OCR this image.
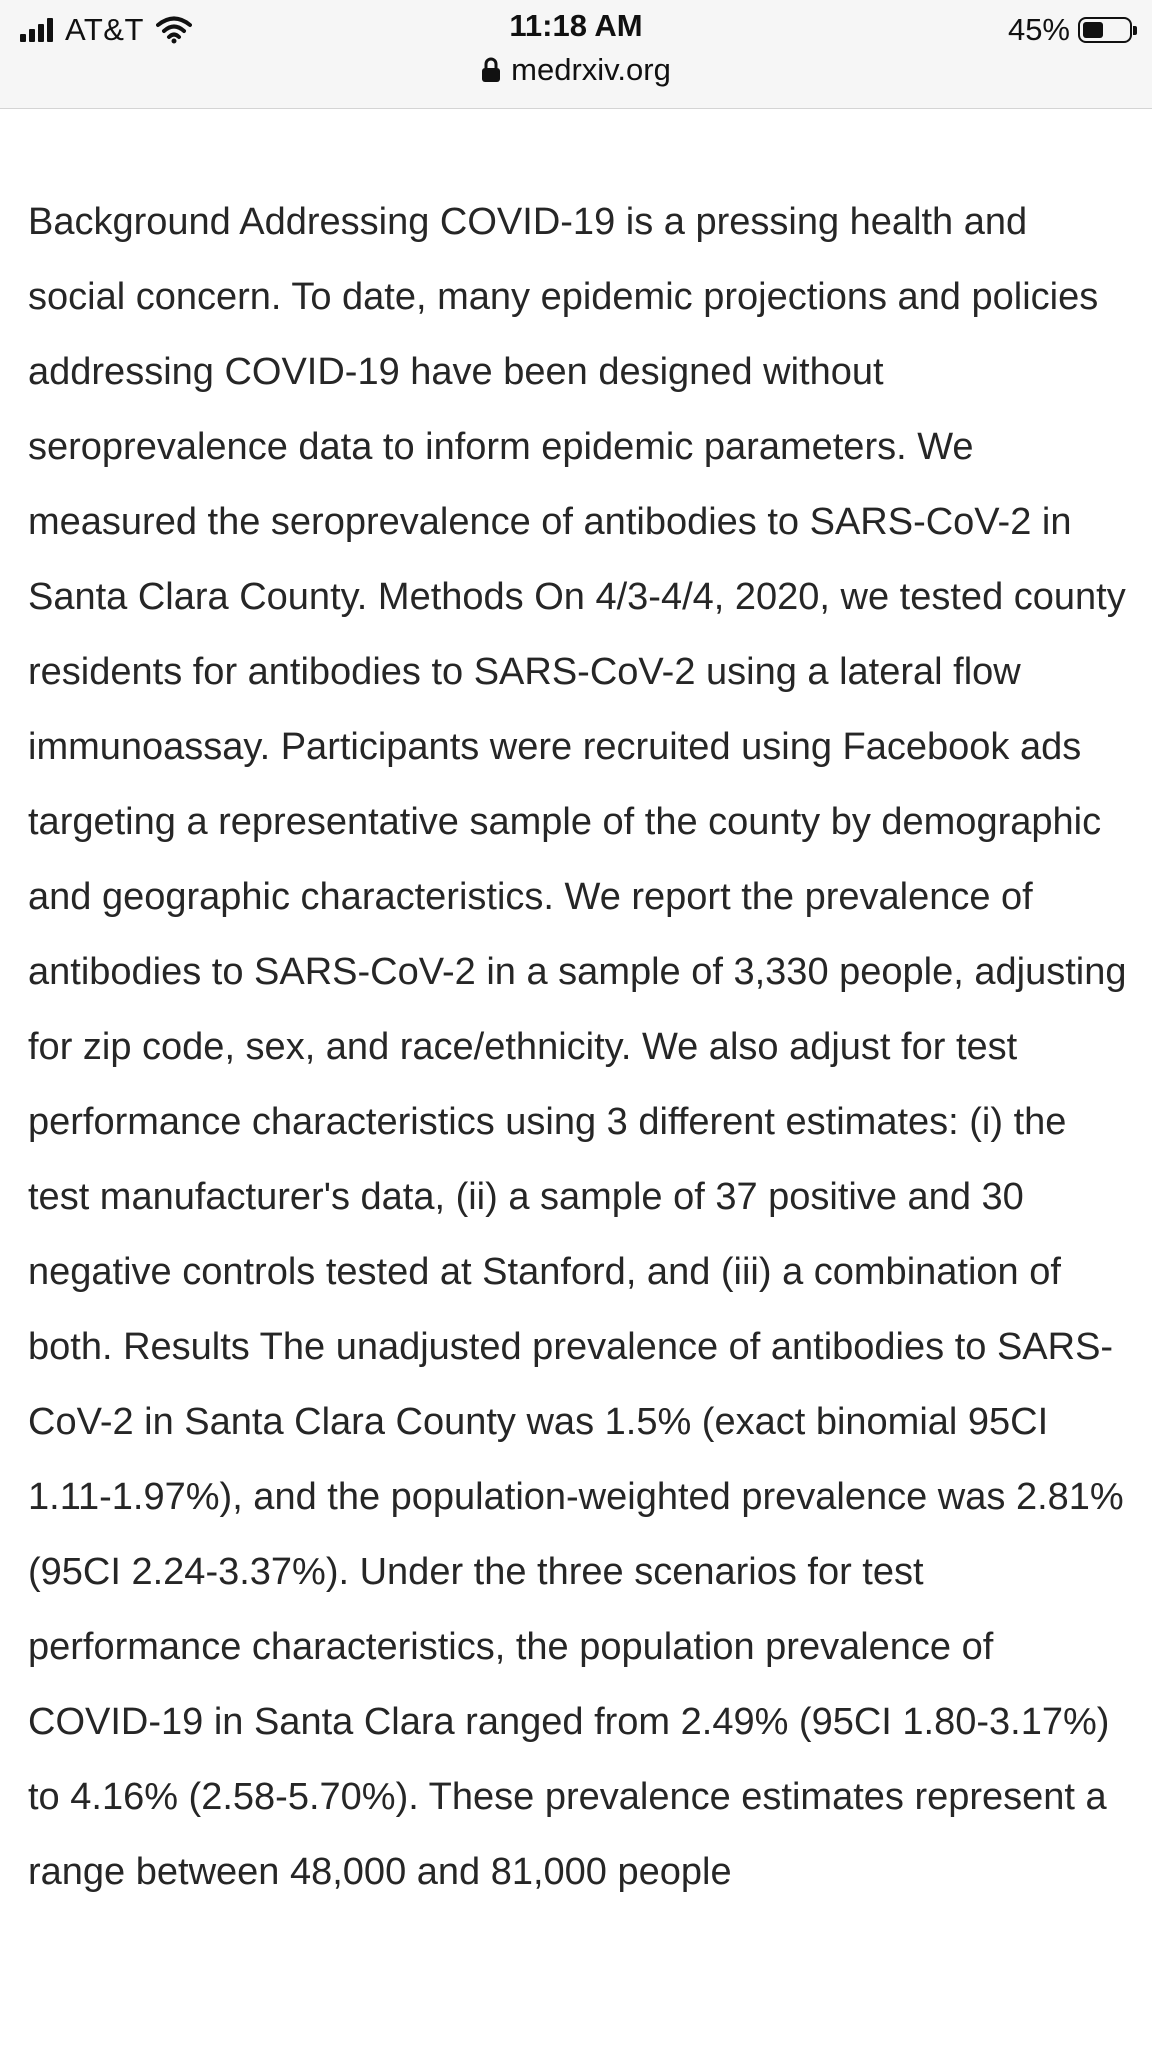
AT&T	11:18 AM
medrxiv.org
45%

Background Addressing COVID-19 is a pressing health and social concern. To date, many epidemic projections and policies addressing COVID-19 have been designed without seroprevalence data to inform epidemic parameters. We measured the seroprevalence of antibodies to SARS-CoV-2 in Santa Clara County. Methods On 4/3-4/4, 2020, we tested county residents for antibodies to SARS-CoV-2 using a lateral flow immunoassay. Participants were recruited using Facebook ads targeting a representative sample of the county by demographic and geographic characteristics. We report the prevalence of antibodies to SARS-CoV-2 in a sample of 3,330 people, adjusting for zip code, sex, and race/ethnicity. We also adjust for test performance characteristics using 3 different estimates: (i) the test manufacturer's data, (ii) a sample of 37 positive and 30 negative controls tested at Stanford, and (iii) a combination of both. Results The unadjusted prevalence of antibodies to SARS-CoV-2 in Santa Clara County was 1.5% (exact binomial 95CI 1.11-1.97%), and the population-weighted prevalence was 2.81% (95CI 2.24-3.37%). Under the three scenarios for test performance characteristics, the population prevalence of COVID-19 in Santa Clara ranged from 2.49% (95CI 1.80-3.17%) to 4.16% (2.58-5.70%). These prevalence estimates represent a range between 48,000 and 81,000 people
